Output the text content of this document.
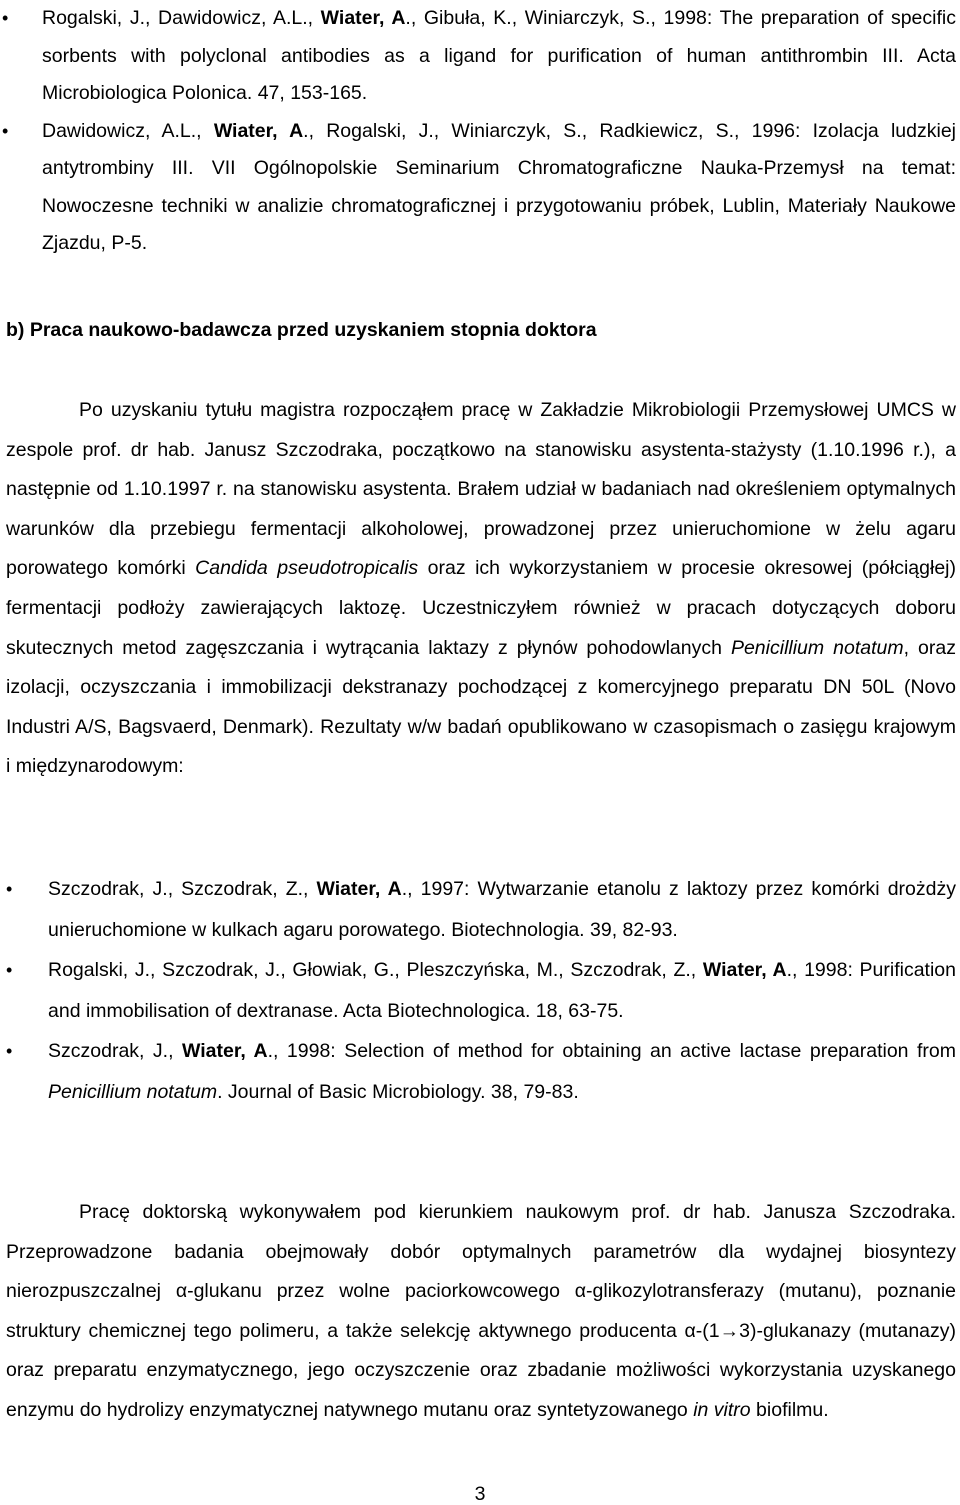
• Rogalski, J., Dawidowicz, A.L., Wiater, A., Gibuła, K., Winiarczyk, S., 1998: The preparation of specific sorbents with polyclonal antibodies as a ligand for purification of human antithrombin III. Acta Microbiologica Polonica. 47, 153-165.
• Dawidowicz, A.L., Wiater, A., Rogalski, J., Winiarczyk, S., Radkiewicz, S., 1996: Izolacja ludzkiej antytrombiny III. VII Ogólnopolskie Seminarium Chromatograficzne Nauka-Przemysł na temat: Nowoczesne techniki w analizie chromatograficznej i przygotowaniu próbek, Lublin, Materiały Naukowe Zjazdu, P-5.
b) Praca naukowo-badawcza przed uzyskaniem stopnia doktora

Po uzyskaniu tytułu magistra rozpocząłem pracę w Zakładzie Mikrobiologii Przemysłowej UMCS w zespole prof. dr hab. Janusz Szczodraka, początkowo na stanowisku asystenta-stażysty (1.10.1996 r.), a następnie od 1.10.1997 r. na stanowisku asystenta. Brałem udział w badaniach nad określeniem optymalnych warunków dla przebiegu fermentacji alkoholowej, prowadzonej przez unieruchomione w żelu agaru porowatego komórki Candida pseudotropicalis oraz ich wykorzystaniem w procesie okresowej (półciągłej) fermentacji podłoży zawierających laktozę. Uczestniczyłem również w pracach dotyczących doboru skutecznych metod zagęszczania i wytrącania laktazy z płynów pohodowlanych Penicillium notatum, oraz izolacji, oczyszczania i immobilizacji dekstranazy pochodzącej z komercyjnego preparatu DN 50L (Novo Industri A/S, Bagsvaerd, Denmark). Rezultaty w/w badań opublikowano w czasopismach o zasięgu krajowym i międzynarodowym:

• Szczodrak, J., Szczodrak, Z., Wiater, A., 1997: Wytwarzanie etanolu z laktozy przez komórki drożdży unieruchomione w kulkach agaru porowatego. Biotechnologia. 39, 82-93.
• Rogalski, J., Szczodrak, J., Głowiak, G., Pleszczyńska, M., Szczodrak, Z., Wiater, A., 1998: Purification and immobilisation of dextranase. Acta Biotechnologica. 18, 63-75.
• Szczodrak, J., Wiater, A., 1998: Selection of method for obtaining an active lactase preparation from Penicillium notatum. Journal of Basic Microbiology. 38, 79-83.

Pracę doktorską wykonywałem pod kierunkiem naukowym prof. dr hab. Janusza Szczodraka. Przeprowadzone badania obejmowały dobór optymalnych parametrów dla wydajnej biosyntezy nierozpuszczalnej α-glukanu przez wolne paciorkowcowego α-glikozylotransferazy (mutanu), poznanie struktury chemicznej tego polimeru, a także selekcję aktywnego producenta α-(1→3)-glukanazy (mutanazy) oraz preparatu enzymatycznego, jego oczyszczenie oraz zbadanie możliwości wykorzystania uzyskanego enzymu do hydrolizy enzymatycznej natywnego mutanu oraz syntetyzowanego in vitro biofilmu.

3
